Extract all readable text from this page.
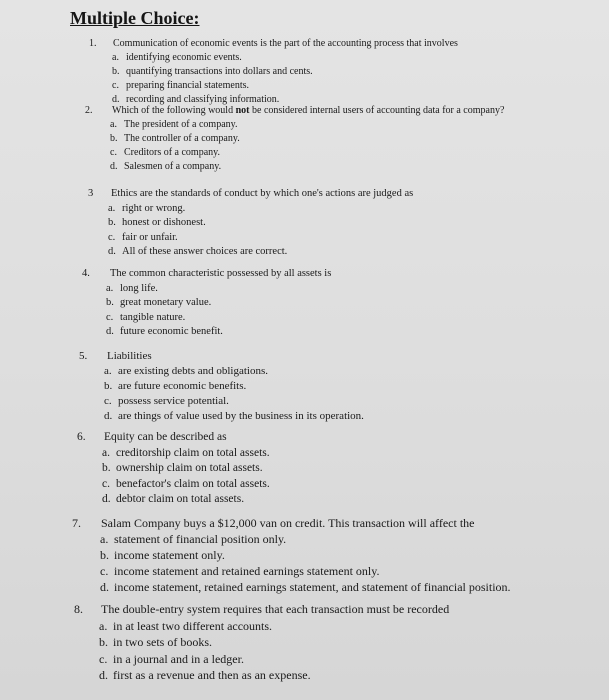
Multiple Choice:
1. Communication of economic events is the part of the accounting process that involves
a. identifying economic events.
b. quantifying transactions into dollars and cents.
c. preparing financial statements.
d. recording and classifying information.
2. Which of the following would not be considered internal users of accounting data for a company?
a. The president of a company.
b. The controller of a company.
c. Creditors of a company.
d. Salesmen of a company.
3 Ethics are the standards of conduct by which one's actions are judged as
a. right or wrong.
b. honest or dishonest.
c. fair or unfair.
d. All of these answer choices are correct.
4. The common characteristic possessed by all assets is
a. long life.
b. great monetary value.
c. tangible nature.
d. future economic benefit.
5. Liabilities
a. are existing debts and obligations.
b. are future economic benefits.
c. possess service potential.
d. are things of value used by the business in its operation.
6. Equity can be described as
a. creditorship claim on total assets.
b. ownership claim on total assets.
c. benefactor's claim on total assets.
d. debtor claim on total assets.
7. Salam Company buys a $12,000 van on credit. This transaction will affect the
a. statement of financial position only.
b. income statement only.
c. income statement and retained earnings statement only.
d. income statement, retained earnings statement, and statement of financial position.
8. The double-entry system requires that each transaction must be recorded
a. in at least two different accounts.
b. in two sets of books.
c. in a journal and in a ledger.
d. first as a revenue and then as an expense.
